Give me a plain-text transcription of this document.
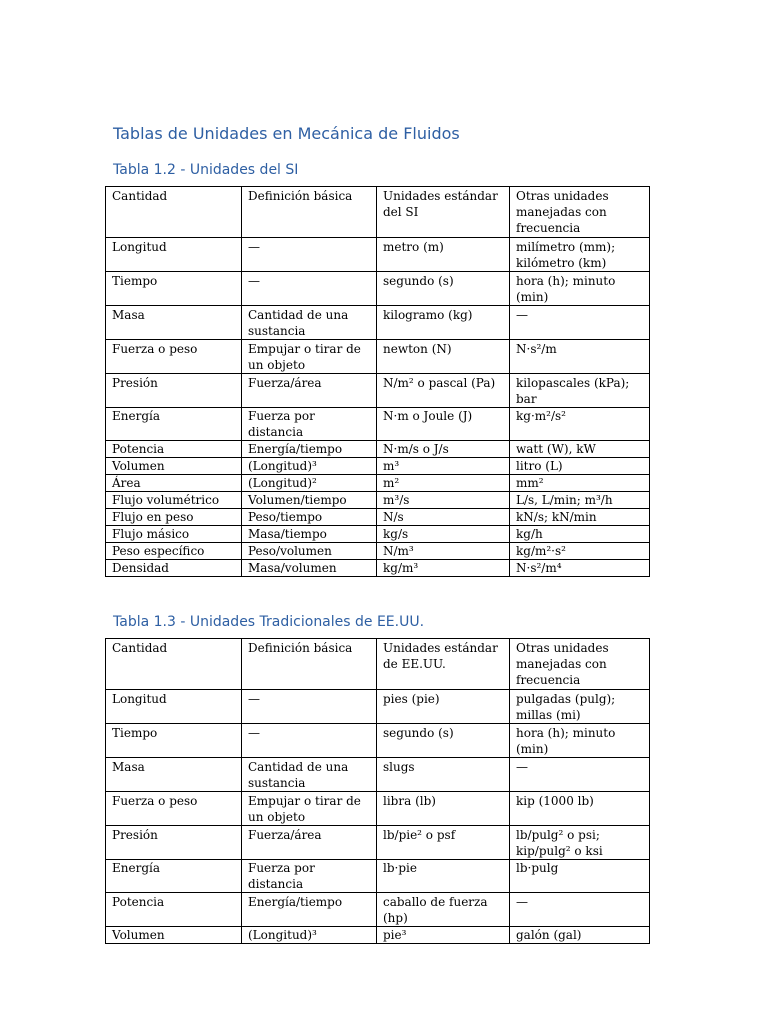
Tablas de Unidades en Mecánica de Fluidos
Tabla 1.2 - Unidades del SI
Cantidad	Definición básica	Unidades estándar del SI	Otras unidades manejadas con frecuencia
Longitud	—	metro (m)	milímetro (mm); kilómetro (km)
Tiempo	—	segundo (s)	hora (h); minuto (min)
Masa	Cantidad de una sustancia	kilogramo (kg)	—
Fuerza o peso	Empujar o tirar de un objeto	newton (N)	N·s²/m
Presión	Fuerza/área	N/m² o pascal (Pa)	kilopascales (kPa); bar
Energía	Fuerza por distancia	N·m o Joule (J)	kg·m²/s²
Potencia	Energía/tiempo	N·m/s o J/s	watt (W), kW
Volumen	(Longitud)³	m³	litro (L)
Área	(Longitud)²	m²	mm²
Flujo volumétrico	Volumen/tiempo	m³/s	L/s, L/min; m³/h
Flujo en peso	Peso/tiempo	N/s	kN/s; kN/min
Flujo másico	Masa/tiempo	kg/s	kg/h
Peso específico	Peso/volumen	N/m³	kg/m²·s²
Densidad	Masa/volumen	kg/m³	N·s²/m⁴
Tabla 1.3 - Unidades Tradicionales de EE.UU.
Cantidad	Definición básica	Unidades estándar de EE.UU.	Otras unidades manejadas con frecuencia
Longitud	—	pies (pie)	pulgadas (pulg); millas (mi)
Tiempo	—	segundo (s)	hora (h); minuto (min)
Masa	Cantidad de una sustancia	slugs	—
Fuerza o peso	Empujar o tirar de un objeto	libra (lb)	kip (1000 lb)
Presión	Fuerza/área	lb/pie² o psf	lb/pulg² o psi; kip/pulg² o ksi
Energía	Fuerza por distancia	lb·pie	lb·pulg
Potencia	Energía/tiempo	caballo de fuerza (hp)	—
Volumen	(Longitud)³	pie³	galón (gal)
